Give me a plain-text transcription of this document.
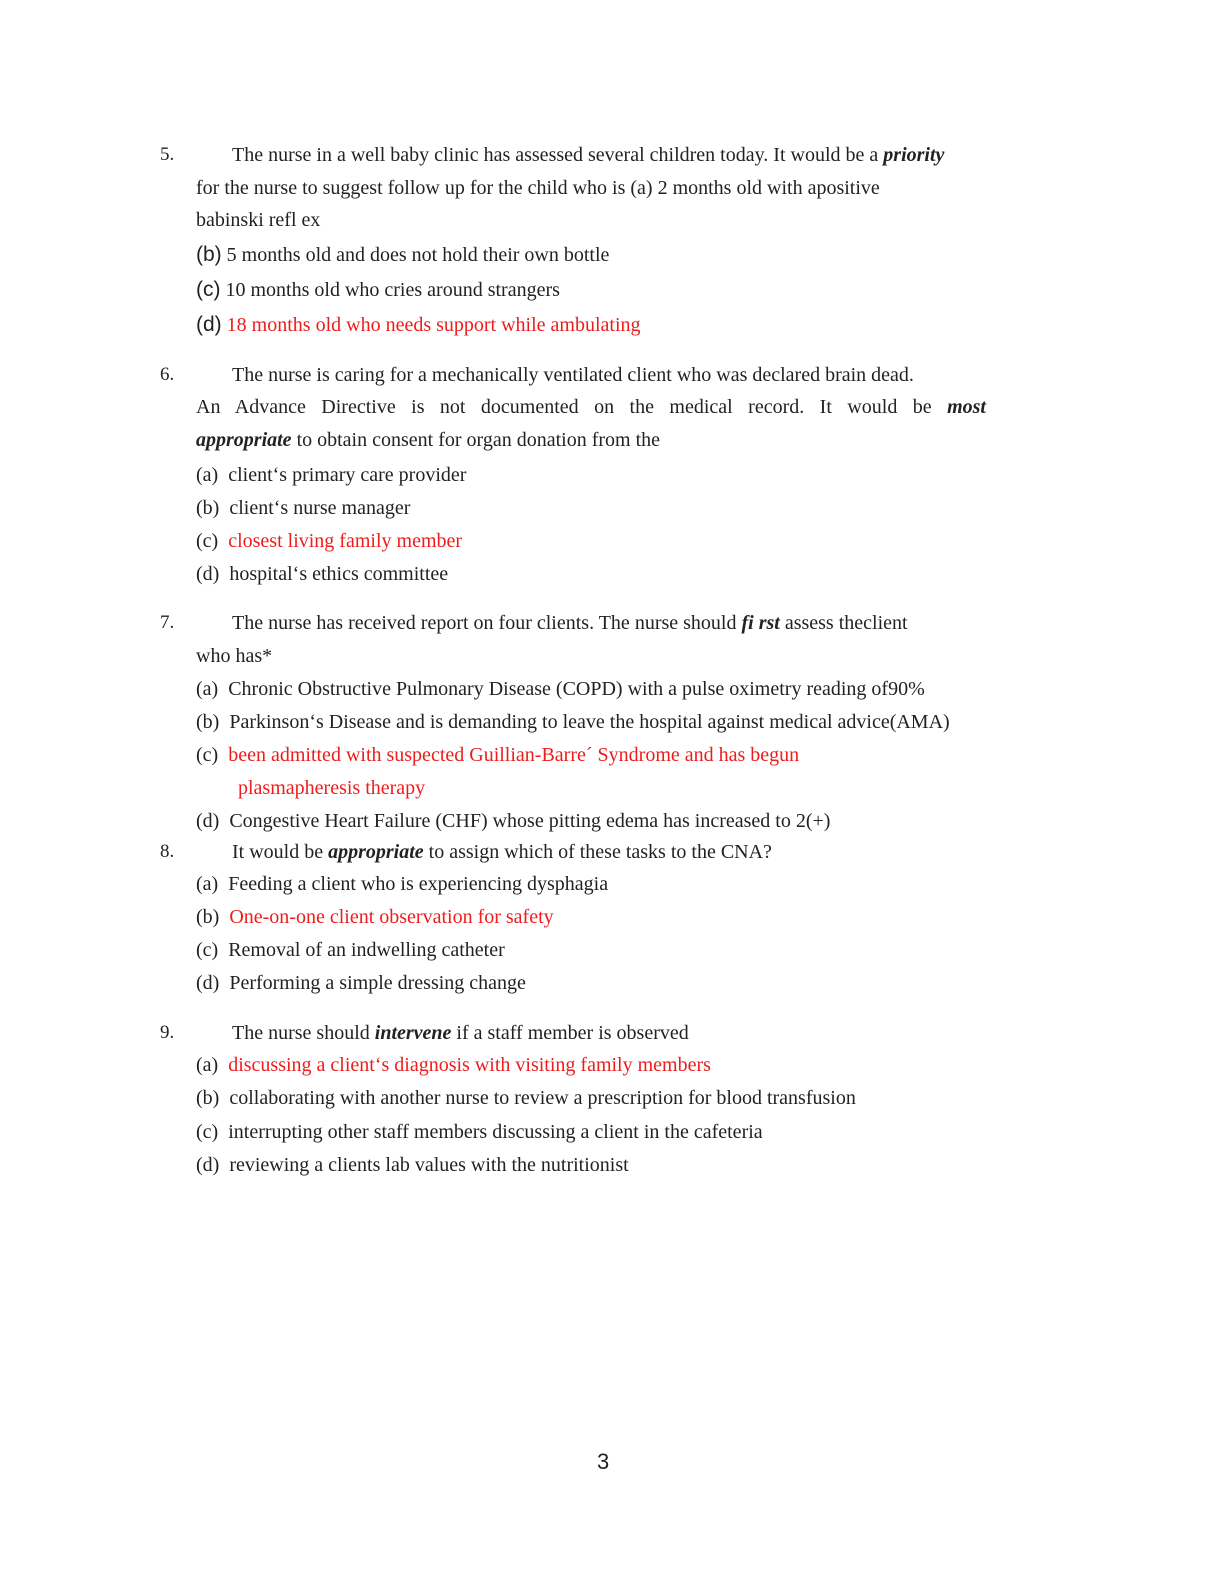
5.	The nurse in a well baby clinic has assessed several children today. It would be a priority
for the nurse to suggest follow up for the child who is (a) 2 months old with apositive
babinski refl ex
(b) 5 months old and does not hold their own bottle
(c) 10 months old who cries around strangers
(d) 18 months old who needs support while ambulating
6.	The nurse is caring for a mechanically ventilated client who was declared brain dead.
An Advance Directive is not documented on the medical record. It would be most
appropriate to obtain consent for organ donation from the
(a) client‘s primary care provider
(b) client‘s nurse manager
(c) closest living family member
(d) hospital‘s ethics committee
7.	The nurse has received report on four clients. The nurse should fi rst assess theclient
who has*
(a) Chronic Obstructive Pulmonary Disease (COPD) with a pulse oximetry reading of90%
(b) Parkinson‘s Disease and is demanding to leave the hospital against medical advice(AMA)
(c) been admitted with suspected Guillian-Barre´ Syndrome and has begun
plasmapheresis therapy
(d) Congestive Heart Failure (CHF) whose pitting edema has increased to 2(+)
8.	It would be appropriate to assign which of these tasks to the CNA?
(a) Feeding a client who is experiencing dysphagia
(b) One-on-one client observation for safety
(c) Removal of an indwelling catheter
(d) Performing a simple dressing change
9.	The nurse should intervene if a staff member is observed
(a) discussing a client‘s diagnosis with visiting family members
(b) collaborating with another nurse to review a prescription for blood transfusion
(c) interrupting other staff members discussing a client in the cafeteria
(d) reviewing a clients lab values with the nutritionist
3
